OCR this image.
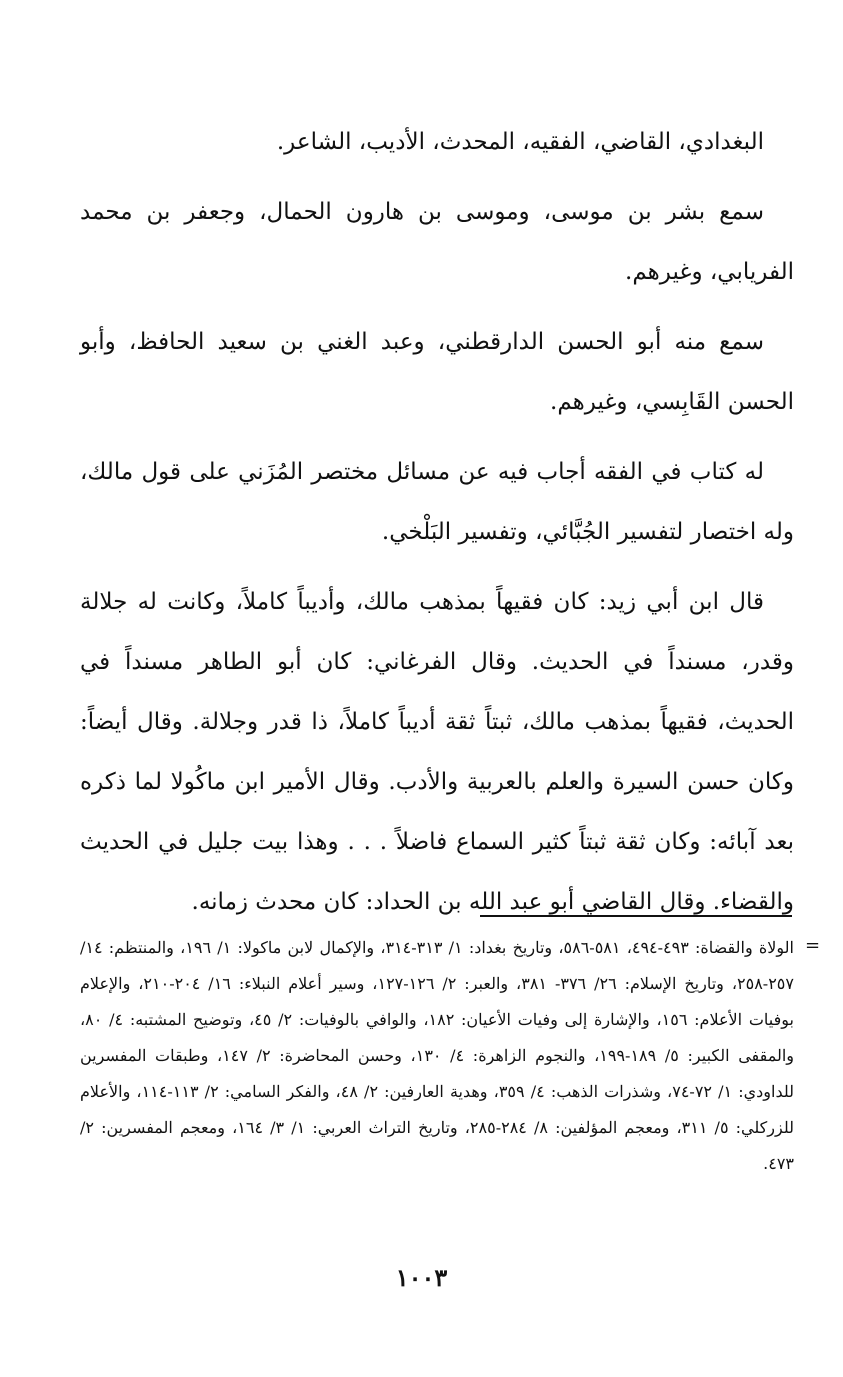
البغدادي، القاضي، الفقيه، المحدث، الأديب، الشاعر.

سمع بشر بن موسى، وموسى بن هارون الحمال، وجعفر بن محمد الفريابي، وغيرهم.

سمع منه أبو الحسن الدارقطني، وعبد الغني بن سعيد الحافظ، وأبو الحسن القَابِسي، وغيرهم.

له كتاب في الفقه أجاب فيه عن مسائل مختصر المُزَني على قول مالك، وله اختصار لتفسير الجُبَّائي، وتفسير البَلْخي.

قال ابن أبي زيد: كان فقيهاً بمذهب مالك، وأديباً كاملاً، وكانت له جلالة وقدر، مسنداً في الحديث. وقال الفرغاني: كان أبو الطاهر مسنداً في الحديث، فقيهاً بمذهب مالك، ثبتاً ثقة أديباً كاملاً، ذا قدر وجلالة. وقال أيضاً: وكان حسن السيرة والعلم بالعربية والأدب. وقال الأمير ابن ماكُولا لما ذكره بعد آبائه: وكان ثقة ثبتاً كثير السماع فاضلاً . . . وهذا بيت جليل في الحديث والقضاء. وقال القاضي أبو عبد الله بن الحداد: كان محدث زمانه.

=

الولاة والقضاة: ٤٩٣-٤٩٤، ٥٨١-٥٨٦، وتاريخ بغداد: ١/ ٣١٣-٣١٤، والإكمال لابن ماكولا: ١/ ١٩٦، والمنتظم: ١٤/ ٢٥٧-٢٥٨، وتاريخ الإسلام: ٢٦/ ٣٧٦- ٣٨١، والعبر: ٢/ ١٢٦-١٢٧، وسير أعلام النبلاء: ١٦/ ٢٠٤-٢١٠، والإعلام بوفيات الأعلام: ١٥٦، والإشارة إلى وفيات الأعيان: ١٨٢، والوافي بالوفيات: ٢/ ٤٥، وتوضيح المشتبه: ٤/ ٨٠، والمقفى الكبير: ٥/ ١٨٩-١٩٩، والنجوم الزاهرة: ٤/ ١٣٠، وحسن المحاضرة: ٢/ ١٤٧، وطبقات المفسرين للداودي: ١/ ٧٢-٧٤، وشذرات الذهب: ٤/ ٣٥٩، وهدية العارفين: ٢/ ٤٨، والفكر السامي: ٢/ ١١٣-١١٤، والأعلام للزركلي: ٥/ ٣١١، ومعجم المؤلفين: ٨/ ٢٨٤-٢٨٥، وتاريخ التراث العربي: ١/ ٣/ ١٦٤، ومعجم المفسرين: ٢/ ٤٧٣.

١٠٠٣
